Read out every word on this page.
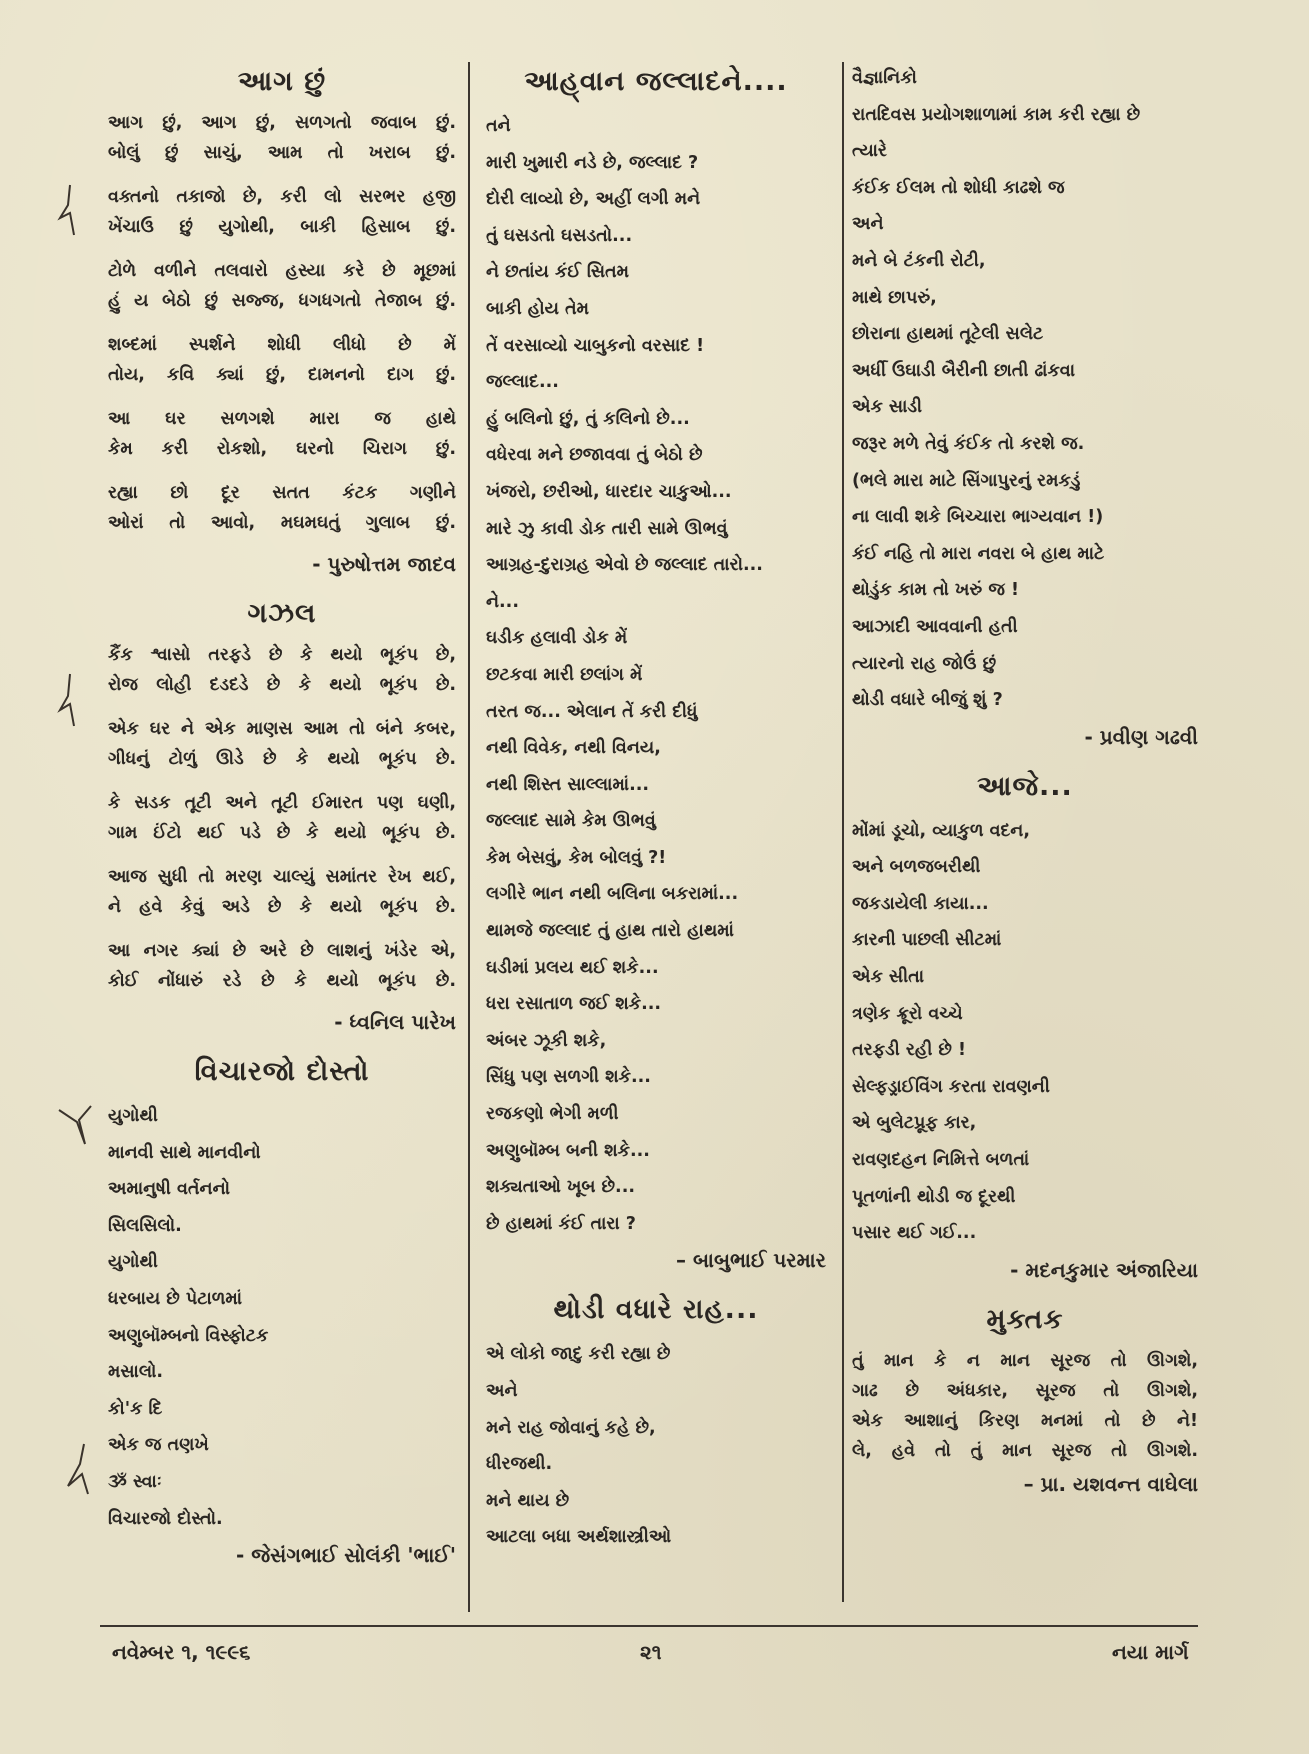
આગ છું
આગ છું, આગ છું, સળગતો જવાબ છું.
બોલું છું સાચું, આમ તો ખરાબ છું.
વક્તનો તકાજો છે, કરી લો સરભર હજી
ખેંચાઉ છું યુગોથી, બાકી હિસાબ છું.
ટોળે વળીને તલવારો હસ્યા કરે છે મૂછમાં
હું ય બેઠો છું સજ્જ, ધગધગતો તેજાબ છું.
શબ્દમાં સ્પર્શને શોધી લીધો છે મેં
તોય, કવિ ક્યાં છું, દામનનો દાગ છું.
આ ઘર સળગશે મારા જ હાથે
કેમ કરી રોકશો, ઘરનો ચિરાગ છું.
રહ્યા છો દૂર સતત કંટક ગણીને
ઓરાં તો આવો, મઘમઘતું ગુલાબ છું.
- પુરુષોત્તમ જાદવ
ગઝલ
કૈંક શ્વાસો તરફડે છે કે થયો ભૂકંપ છે,
રોજ લોહી દડદડે છે કે થયો ભૂકંપ છે.
એક ઘર ને એક માણસ આમ તો બંને કબર,
ગીધનું ટોળું ઊડે છે કે થયો ભૂકંપ છે.
કે સડક તૂટી અને તૂટી ઈમારત પણ ઘણી,
ગામ ઈંટો થઈ પડે છે કે થયો ભૂકંપ છે.
આજ સુધી તો મરણ ચાલ્યું સમાંતર રેખ થઈ,
ને હવે કેવું અડે છે કે થયો ભૂકંપ છે.
આ નગર ક્યાં છે અરે છે લાશનું ખંડેર એ,
કોઈ નોંધારું રડે છે કે થયો ભૂકંપ છે.
- ધ્વનિલ પારેખ
વિચારજો દોસ્તો
યુગોથી
માનવી સાથે માનવીનો
અમાનુષી વર્તનનો
સિલસિલો.
યુગોથી
ધરબાય છે પેટાળમાં
અણુબૉમ્બનો વિસ્ફોટક
મસાલો.
કો'ક દિ
એક જ તણખે
ૐ સ્વાઃ
વિચારજો દોસ્તો.
- જેસંગભાઈ સોલંકી 'ભાઈ'
આહ્‌વાન જલ્લાદને....
તને
મારી ખુમારી નડે છે, જલ્લાદ ?
દોરી લાવ્યો છે, અહીં લગી મને
તું ઘસડતો ઘસડતો...
ને છતાંય કંઈ સિતમ
બાકી હોય તેમ
તેં વરસાવ્યો ચાબુકનો વરસાદ !
જલ્લાદ...
હું બલિનો છું, તું કલિનો છે...
વધેરવા મને છજાવવા તું બેઠો છે
ખંજરો, છરીઓ, ધારદાર ચાકુઓ...
મારે ઝુ કાવી ડોક તારી સામે ઊભવું
આગ્રહ-દુરાગ્રહ એવો છે જલ્લાદ તારો...
ને...
ઘડીક હલાવી ડોક મેં
છટકવા મારી છલાંગ મેં
તરત જ... એલાન તેં કરી દીધું
નથી વિવેક, નથી વિનય,
નથી શિસ્ત સાલ્લામાં...
જલ્લાદ સામે કેમ ઊભવું
કેમ બેસવું, કેમ બોલવું ?!
લગીરે ભાન નથી બલિના બકરામાં...
થામજે જલ્લાદ તું હાથ તારો હાથમાં
ઘડીમાં પ્રલય થઈ શકે...
ધરા રસાતાળ જઈ શકે...
અંબર ઝૂકી શકે,
સિંધુ પણ સળગી શકે...
રજકણો ભેગી મળી
અણુબૉમ્બ બની શકે...
શક્યતાઓ ખૂબ છે...
છે હાથમાં કંઈ તારા ?
– બાબુભાઈ પરમાર
થોડી વધારે રાહ...
એ લોકો જાદુ કરી રહ્યા છે
અને
મને રાહ જોવાનું કહે છે,
ધીરજથી.
મને થાય છે
આટલા બધા અર્થશાસ્ત્રીઓ
વૈજ્ઞાનિકો
રાતદિવસ પ્રયોગશાળામાં કામ કરી રહ્યા છે
ત્યારે
કંઈક ઈલમ તો શોધી કાઢશે જ
અને
મને બે ટંકની રોટી,
માથે છાપરું,
છોરાના હાથમાં તૂટેલી સલેટ
અર્ધી ઉઘાડી બૈરીની છાતી ઢાંકવા
એક સાડી
જરૂર મળે તેવું કંઈક તો કરશે જ.
(ભલે મારા માટે સિંગાપુરનું રમકડું
ના લાવી શકે બિચ્ચારા ભાગ્યવાન !)
કંઈ નહિ તો મારા નવરા બે હાથ માટે
થોડુંક કામ તો ખરું જ !
આઝાદી આવવાની હતી
ત્યારનો રાહ જોઉં છું
થોડી વધારે બીજું શું ?
- પ્રવીણ ગઢવી
આજે...
મોંમાં ડૂચો, વ્યાકુળ વદન,
અને બળજબરીથી
જકડાયેલી કાયા...
કારની પાછલી સીટમાં
એક સીતા
ત્રણેક ક્રૂરો વચ્ચે
તરફડી રહી છે !
સેલ્ફડ્રાઈવિંગ કરતા રાવણની
એ બુલેટપ્રૂફ કાર,
રાવણદહન નિમિત્તે બળતાં
પૂતળાંની થોડી જ દૂરથી
પસાર થઈ ગઈ...
- મદનકુમાર અંજારિયા
મુક્તક
તું માન કે ન માન સૂરજ તો ઊગશે,
ગાઢ છે અંધકાર, સૂરજ તો ઊગશે,
એક આશાનું કિરણ મનમાં તો છે ને!
લે, હવે તો તું માન સૂરજ તો ઊગશે.
– પ્રા. યશવન્ત વાઘેલા
નવેમ્બર ૧, ૧૯૯૬	૨૧	નયા માર્ગ
